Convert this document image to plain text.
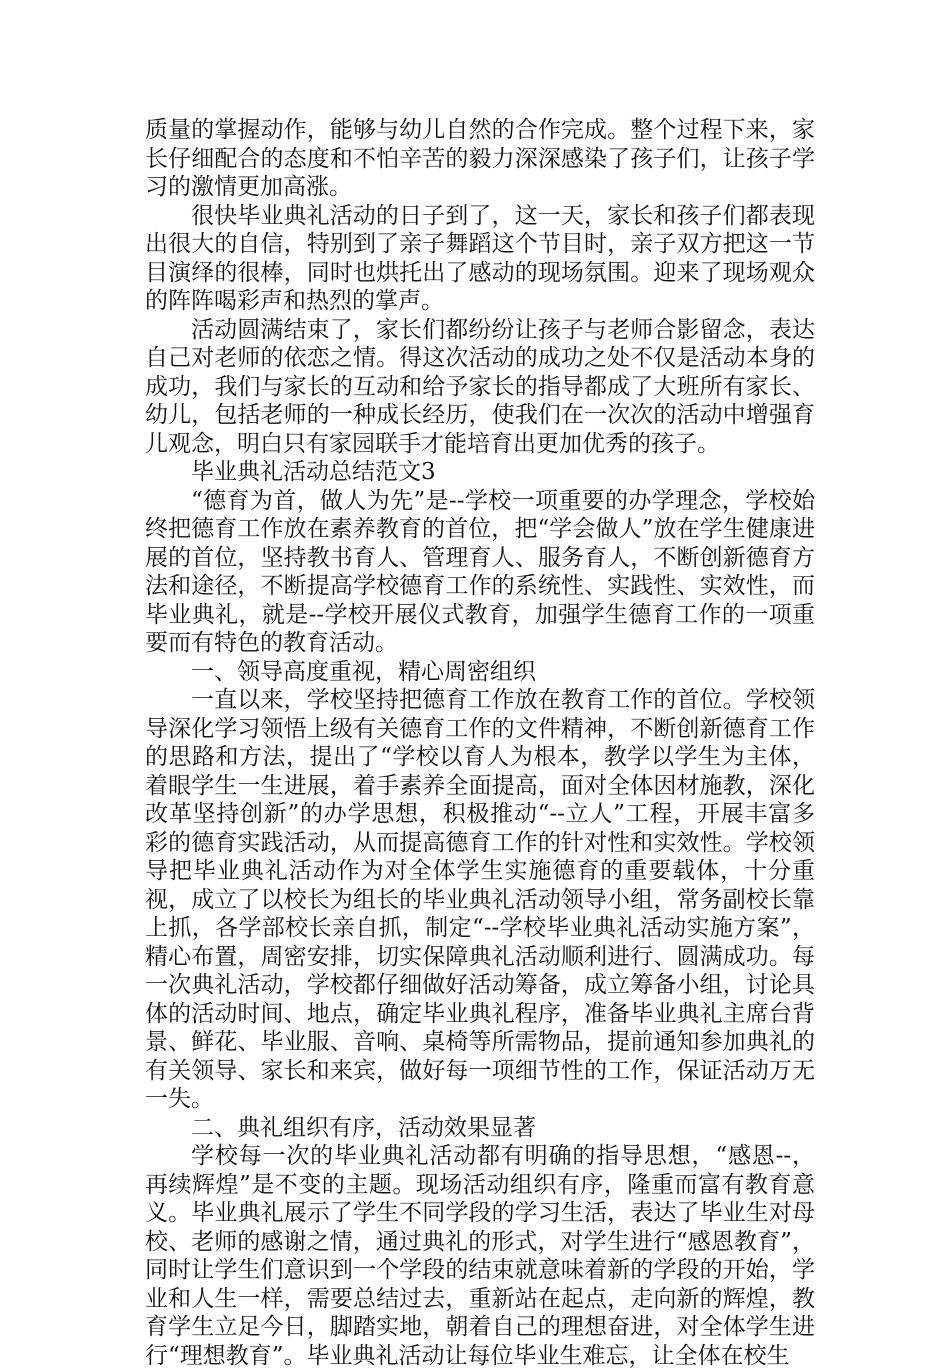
质量的掌握动作，能够与幼儿自然的合作完成。整个过程下来，家长仔细配合的态度和不怕辛苦的毅力深深感染了孩子们，让孩子学习的激情更加高涨。

很快毕业典礼活动的日子到了，这一天，家长和孩子们都表现出很大的自信，特别到了亲子舞蹈这个节目时，亲子双方把这一节目演绎的很棒，同时也烘托出了感动的现场氛围。迎来了现场观众的阵阵喝彩声和热烈的掌声。

活动圆满结束了，家长们都纷纷让孩子与老师合影留念，表达自己对老师的依恋之情。得这次活动的成功之处不仅是活动本身的成功，我们与家长的互动和给予家长的指导都成了大班所有家长、幼儿，包括老师的一种成长经历，使我们在一次次的活动中增强育儿观念，明白只有家园联手才能培育出更加优秀的孩子。

毕业典礼活动总结范文3

“德育为首，做人为先”是--学校一项重要的办学理念，学校始终把德育工作放在素养教育的首位，把“学会做人”放在学生健康进展的首位，坚持教书育人、管理育人、服务育人，不断创新德育方法和途径，不断提高学校德育工作的系统性、实践性、实效性，而毕业典礼，就是--学校开展仪式教育，加强学生德育工作的一项重要而有特色的教育活动。

一、领导高度重视，精心周密组织

一直以来，学校坚持把德育工作放在教育工作的首位。学校领导深化学习领悟上级有关德育工作的文件精神，不断创新德育工作的思路和方法，提出了“学校以育人为根本，教学以学生为主体，着眼学生一生进展，着手素养全面提高，面对全体因材施教，深化改革坚持创新”的办学思想，积极推动“--立人”工程，开展丰富多彩的德育实践活动，从而提高德育工作的针对性和实效性。学校领导把毕业典礼活动作为对全体学生实施德育的重要载体，十分重视，成立了以校长为组长的毕业典礼活动领导小组，常务副校长靠上抓，各学部校长亲自抓，制定“--学校毕业典礼活动实施方案”，精心布置，周密安排，切实保障典礼活动顺利进行、圆满成功。每一次典礼活动，学校都仔细做好活动筹备，成立筹备小组，讨论具体的活动时间、地点，确定毕业典礼程序，准备毕业典礼主席台背景、鲜花、毕业服、音响、桌椅等所需物品，提前通知参加典礼的有关领导、家长和来宾，做好每一项细节性的工作，保证活动万无一失。

二、典礼组织有序，活动效果显著

学校每一次的毕业典礼活动都有明确的指导思想，“感恩--，再续辉煌”是不变的主题。现场活动组织有序，隆重而富有教育意义。毕业典礼展示了学生不同学段的学习生活，表达了毕业生对母校、老师的感谢之情，通过典礼的形式，对学生进行“感恩教育”，同时让学生们意识到一个学段的结束就意味着新的学段的开始，学业和人生一样，需要总结过去，重新站在起点，走向新的辉煌，教育学生立足今日，脚踏实地，朝着自己的理想奋进，对全体学生进行“理想教育”。毕业典礼活动让每位毕业生难忘，让全体在校生
